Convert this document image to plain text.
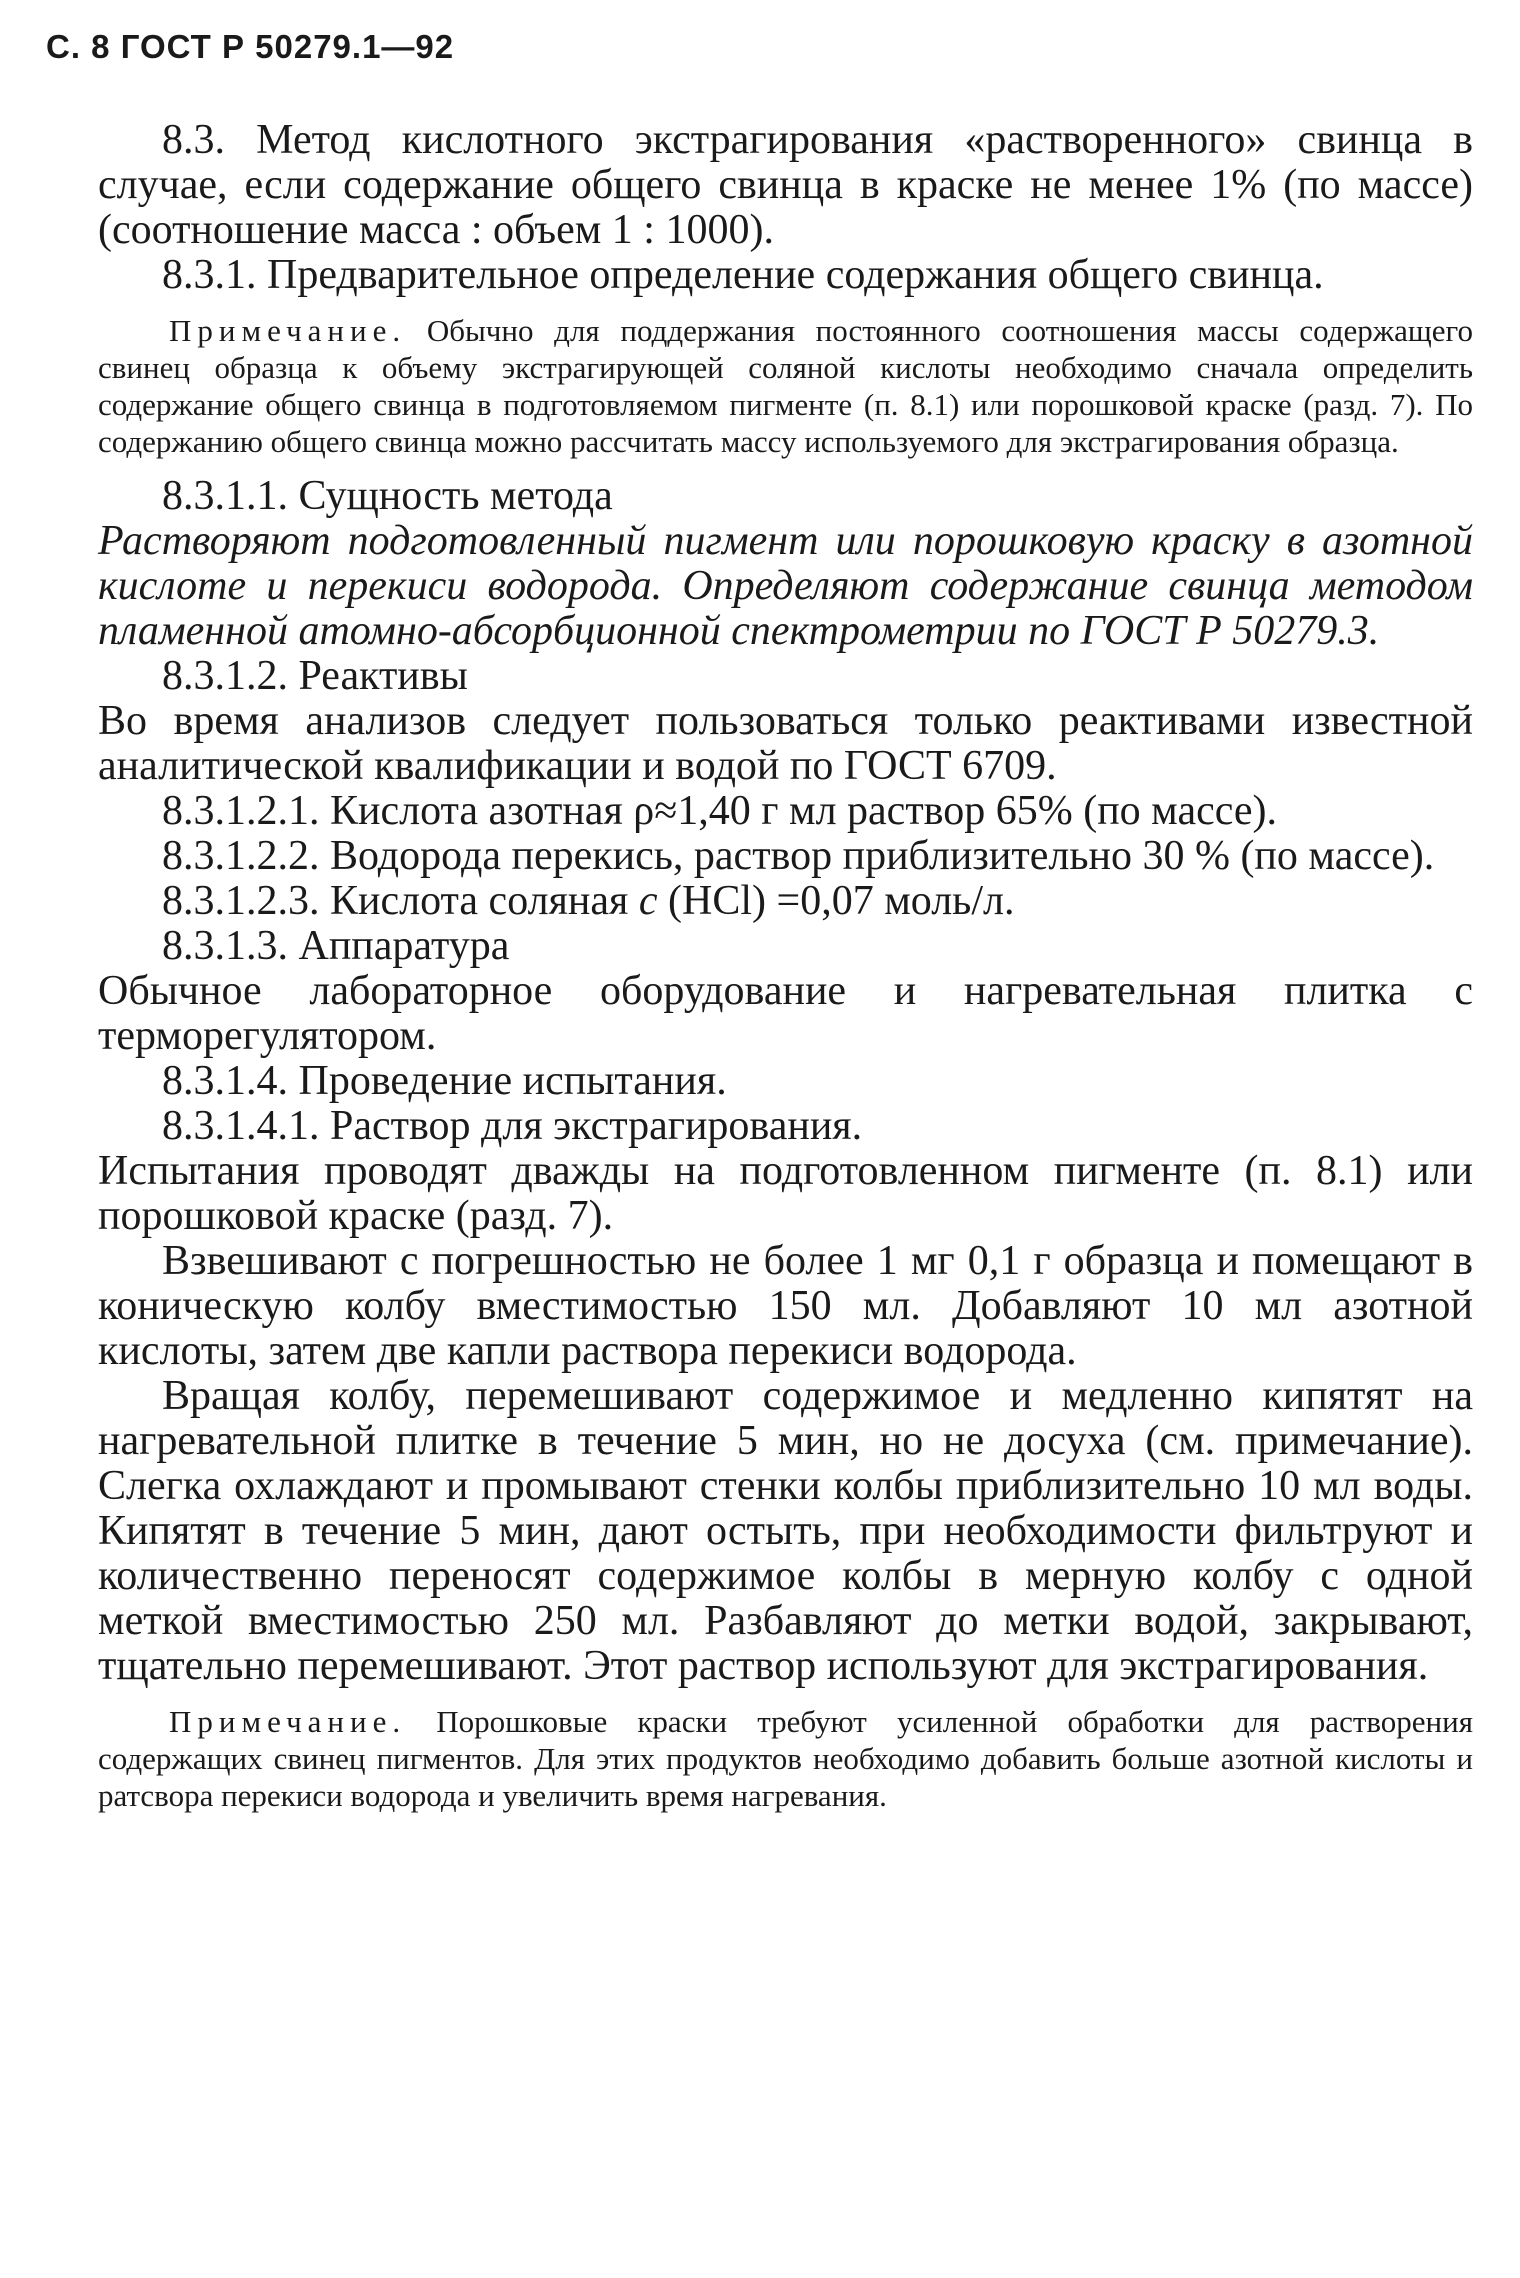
С. 8 ГОСТ Р 50279.1—92

8.3. Метод кислотного экстрагирования «растворенного» свинца в случае, если содержание общего свинца в краске не менее 1% (по массе) (соотношение масса : объем 1 : 1000).

8.3.1. Предварительное определение содержания общего свинца.

Примечание. Обычно для поддержания постоянного соотношения массы содержащего свинец образца к объему экстрагирующей соляной кислоты необходимо сначала определить содержание общего свинца в подготовляемом пигменте (п. 8.1) или порошковой краске (разд. 7). По содержанию общего свинца можно рассчитать массу используемого для экстрагирования образца.

8.3.1.1. Сущность метода

Растворяют подготовленный пигмент или порошковую краску в азотной кислоте и перекиси водорода. Определяют содержание свинца методом пламенной атомно-абсорбционной спектрометрии по ГОСТ Р 50279.3.

8.3.1.2. Реактивы

Во время анализов следует пользоваться только реактивами известной аналитической квалификации и водой по ГОСТ 6709.

8.3.1.2.1. Кислота азотная ρ≈1,40 г мл раствор 65% (по массе).

8.3.1.2.2. Водорода перекись, раствор приблизительно 30 % (по массе).

8.3.1.2.3. Кислота соляная c (HCl) =0,07 моль/л.

8.3.1.3. Аппаратура

Обычное лабораторное оборудование и нагревательная плитка с терморегулятором.

8.3.1.4. Проведение испытания.

8.3.1.4.1. Раствор для экстрагирования.

Испытания проводят дважды на подготовленном пигменте (п. 8.1) или порошковой краске (разд. 7).

Взвешивают с погрешностью не более 1 мг 0,1 г образца и помещают в коническую колбу вместимостью 150 мл. Добавляют 10 мл азотной кислоты, затем две капли раствора перекиси водорода.

Вращая колбу, перемешивают содержимое и медленно кипятят на нагревательной плитке в течение 5 мин, но не досуха (см. примечание). Слегка охлаждают и промывают стенки колбы приблизительно 10 мл воды. Кипятят в течение 5 мин, дают остыть, при необходимости фильтруют и количественно переносят содержимое колбы в мерную колбу с одной меткой вместимостью 250 мл. Разбавляют до метки водой, закрывают, тщательно перемешивают. Этот раствор используют для экстрагирования.

Примечание. Порошковые краски требуют усиленной обработки для растворения содержащих свинец пигментов. Для этих продуктов необходимо добавить больше азотной кислоты и ратсвора перекиси водорода и увеличить время нагревания.
